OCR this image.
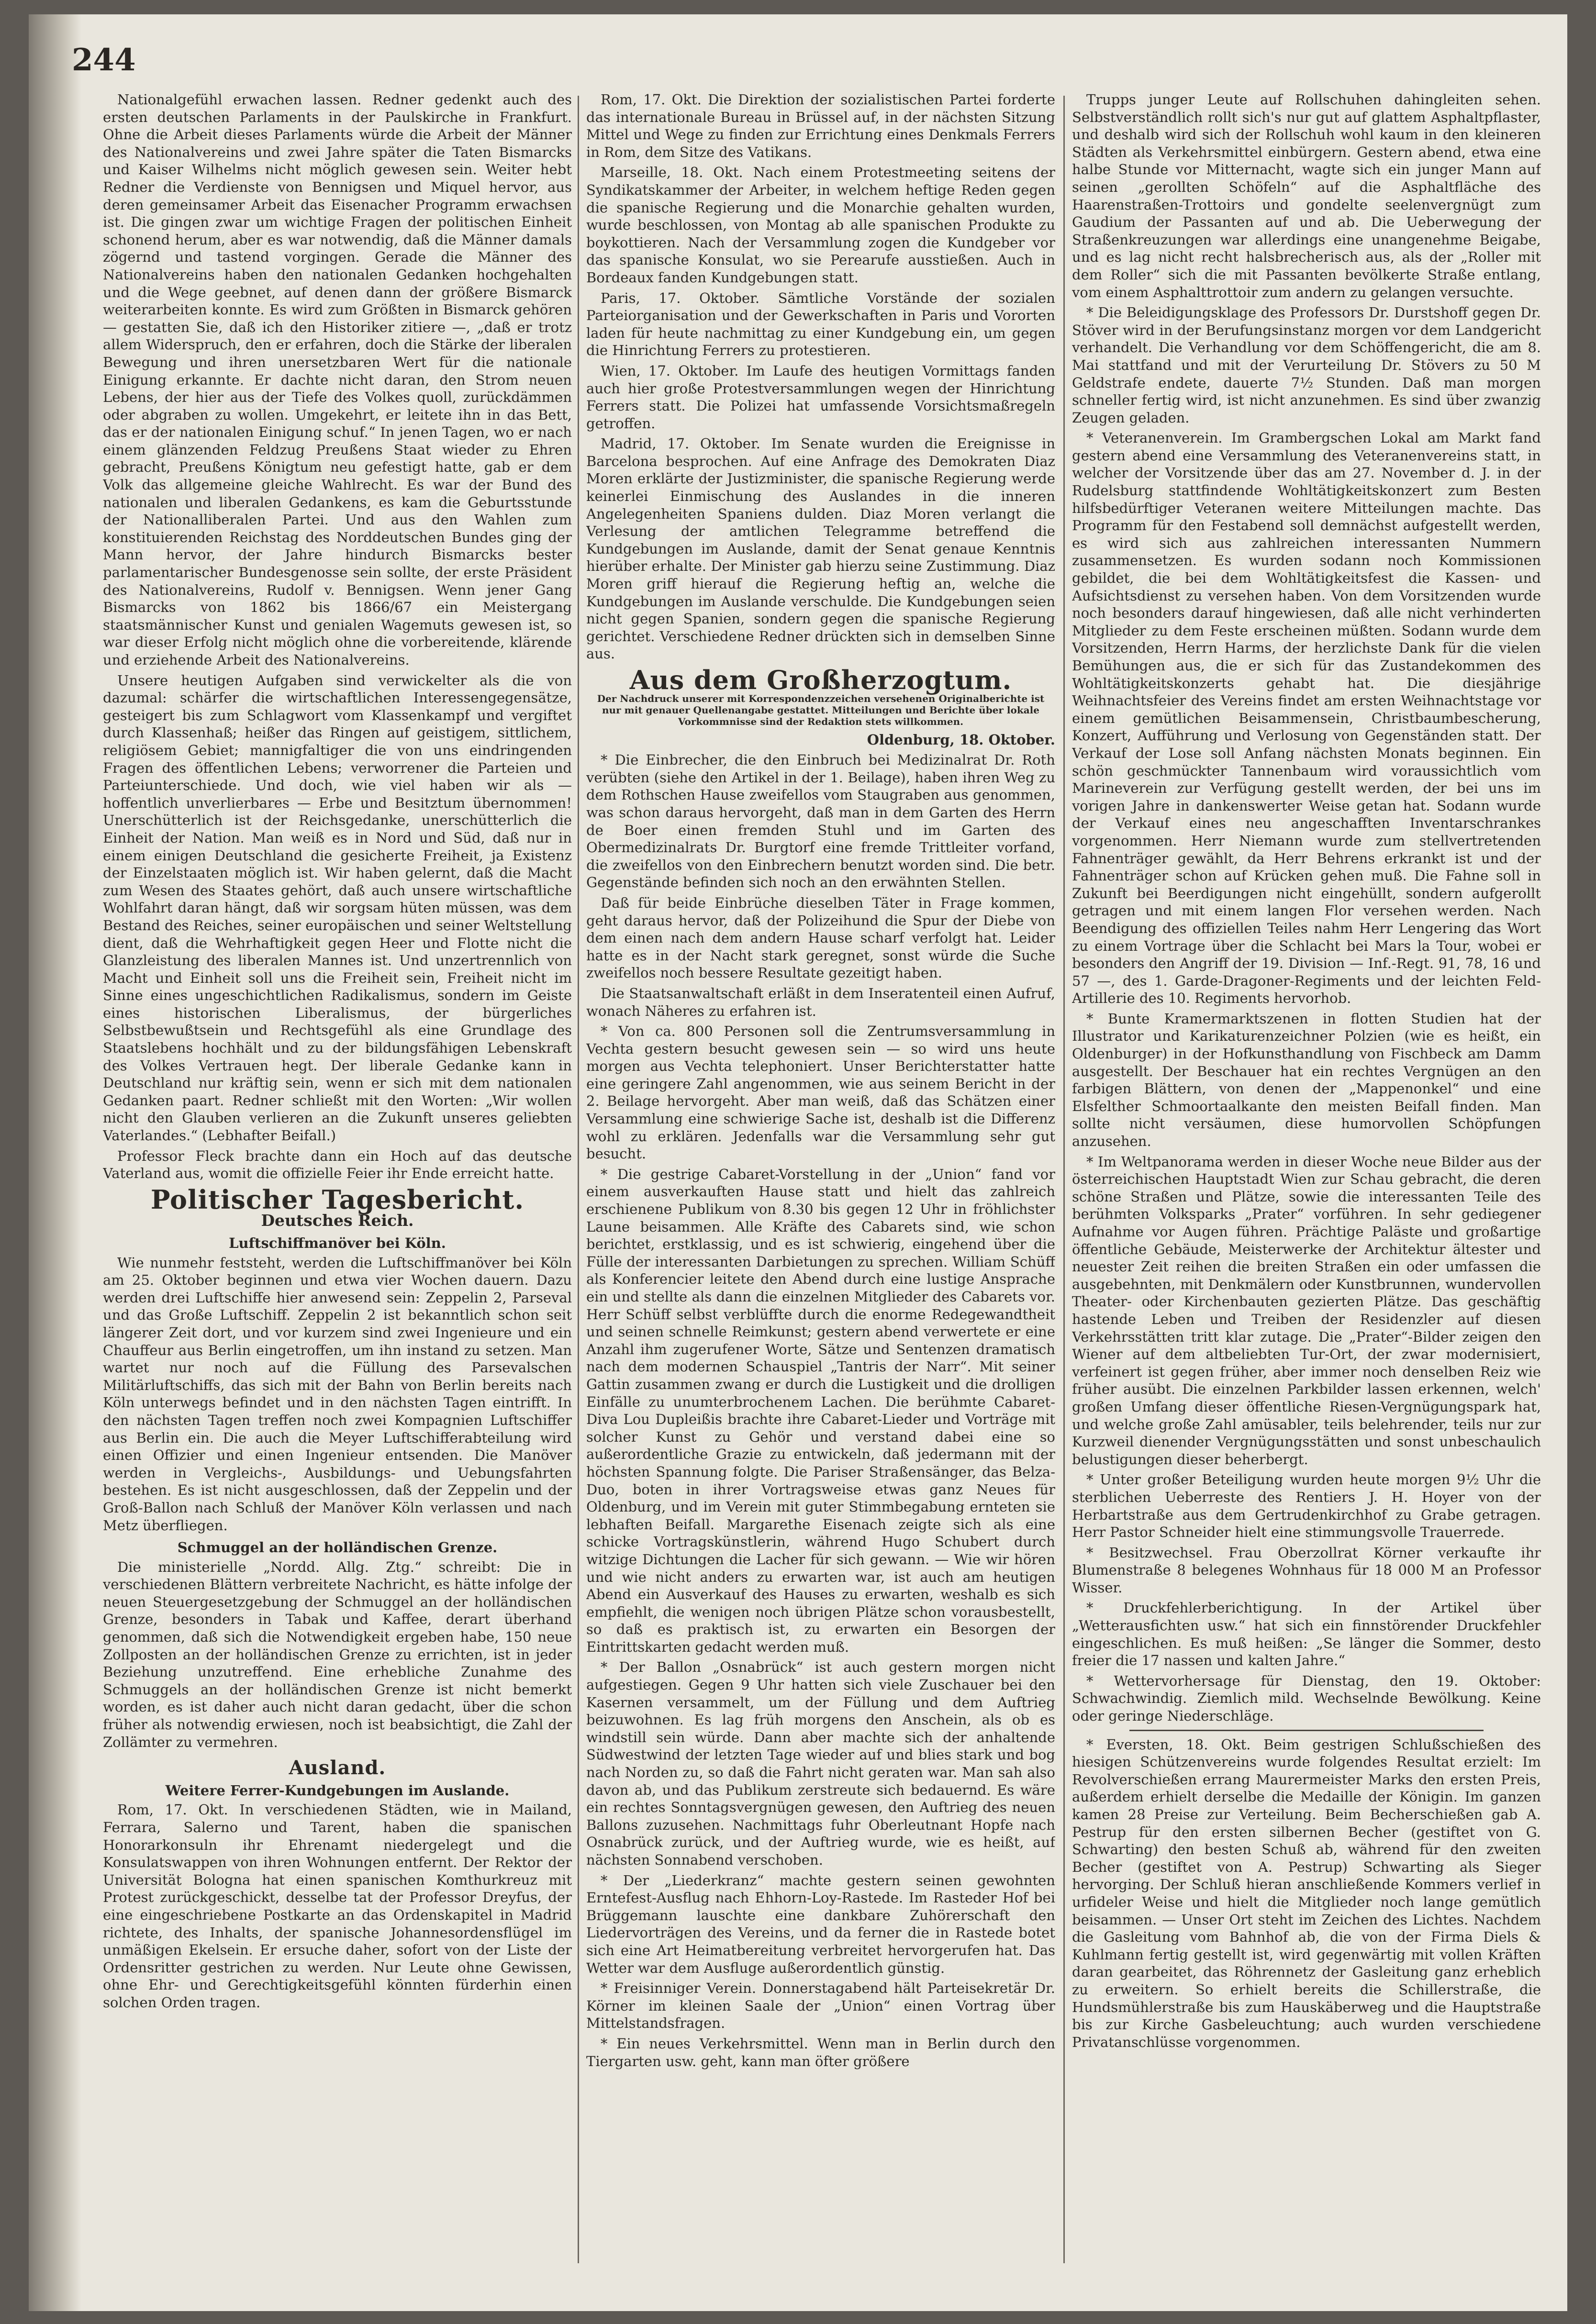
244

Nationalgefühl erwachen lassen. Redner gedenkt auch des ersten deutschen Parlaments in der Paulskirche in Frankfurt. Ohne die Arbeit dieses Parlaments würde die Arbeit der Männer des Nationalvereins und zwei Jahre später die Taten Bismarcks und Kaiser Wilhelms nicht möglich gewesen sein. Weiter hebt Redner die Verdienste von Bennigsen und Miquel hervor, aus deren gemeinsamer Arbeit das Eisenacher Programm erwachsen ist. Die gingen zwar um wichtige Fragen der politischen Einheit schonend herum, aber es war notwendig, daß die Männer damals zögernd und tastend vorgingen. Gerade die Männer des Nationalvereins haben den nationalen Gedanken hochgehalten und die Wege geebnet, auf denen dann der größere Bismarck weiterarbeiten konnte. Es wird zum Größten in Bismarck gehören — gestatten Sie, daß ich den Historiker zitiere —, „daß er trotz allem Widerspruch, den er erfahren, doch die Stärke der liberalen Bewegung und ihren unersetzbaren Wert für die nationale Einigung erkannte. Er dachte nicht daran, den Strom neuen Lebens, der hier aus der Tiefe des Volkes quoll, zurückdämmen oder abgraben zu wollen. Umgekehrt, er leitete ihn in das Bett, das er der nationalen Einigung schuf.“ In jenen Tagen, wo er nach einem glänzenden Feldzug Preußens Staat wieder zu Ehren gebracht, Preußens Königtum neu gefestigt hatte, gab er dem Volk das allgemeine gleiche Wahlrecht. Es war der Bund des nationalen und liberalen Gedankens, es kam die Geburtsstunde der Nationalliberalen Partei. Und aus den Wahlen zum konstituierenden Reichstag des Norddeutschen Bundes ging der Mann hervor, der Jahre hindurch Bismarcks bester parlamentarischer Bundesgenosse sein sollte, der erste Präsident des Nationalvereins, Rudolf v. Bennigsen. Wenn jener Gang Bismarcks von 1862 bis 1866/67 ein Meistergang staatsmännischer Kunst und genialen Wagemuts gewesen ist, so war dieser Erfolg nicht möglich ohne die vorbereitende, klärende und erziehende Arbeit des Nationalvereins.

Unsere heutigen Aufgaben sind verwickelter als die von dazumal: schärfer die wirtschaftlichen Interessengegensätze, gesteigert bis zum Schlagwort vom Klassenkampf und vergiftet durch Klassenhaß; heißer das Ringen auf geistigem, sittlichem, religiösem Gebiet; mannigfaltiger die von uns eindringenden Fragen des öffentlichen Lebens; verworrener die Parteien und Parteiunterschiede. Und doch, wie viel haben wir als — hoffentlich unverlierbares — Erbe und Besitztum übernommen! Unerschütterlich ist der Reichsgedanke, unerschütterlich die Einheit der Nation. Man weiß es in Nord und Süd, daß nur in einem einigen Deutschland die gesicherte Freiheit, ja Existenz der Einzelstaaten möglich ist. Wir haben gelernt, daß die Macht zum Wesen des Staates gehört, daß auch unsere wirtschaftliche Wohlfahrt daran hängt, daß wir sorgsam hüten müssen, was dem Bestand des Reiches, seiner europäischen und seiner Weltstellung dient, daß die Wehrhaftigkeit gegen Heer und Flotte nicht die Glanzleistung des liberalen Mannes ist. Und unzertrennlich von Macht und Einheit soll uns die Freiheit sein, Freiheit nicht im Sinne eines ungeschichtlichen Radikalismus, sondern im Geiste eines historischen Liberalismus, der bürgerliches Selbstbewußtsein und Rechtsgefühl als eine Grundlage des Staatslebens hochhält und zu der bildungsfähigen Lebenskraft des Volkes Vertrauen hegt. Der liberale Gedanke kann in Deutschland nur kräftig sein, wenn er sich mit dem nationalen Gedanken paart. Redner schließt mit den Worten: „Wir wollen nicht den Glauben verlieren an die Zukunft unseres geliebten Vaterlandes.“ (Lebhafter Beifall.)

Professor Fleck brachte dann ein Hoch auf das deutsche Vaterland aus, womit die offizielle Feier ihr Ende erreicht hatte.

Politischer Tagesbericht.
Deutsches Reich.
Luftschiffmanöver bei Köln.

Wie nunmehr feststeht, werden die Luftschiffmanöver bei Köln am 25. Oktober beginnen und etwa vier Wochen dauern. Dazu werden drei Luftschiffe hier anwesend sein: Zeppelin 2, Parseval und das Große Luftschiff. Zeppelin 2 ist bekanntlich schon seit längerer Zeit dort, und vor kurzem sind zwei Ingenieure und ein Chauffeur aus Berlin eingetroffen, um ihn instand zu setzen. Man wartet nur noch auf die Füllung des Parsevalschen Militärluftschiffs, das sich mit der Bahn von Berlin bereits nach Köln unterwegs befindet und in den nächsten Tagen eintrifft. In den nächsten Tagen treffen noch zwei Kompagnien Luftschiffer aus Berlin ein. Die auch die Meyer Luftschifferabteilung wird einen Offizier und einen Ingenieur entsenden. Die Manöver werden in Vergleichs-, Ausbildungs- und Uebungsfahrten bestehen. Es ist nicht ausgeschlossen, daß der Zeppelin und der Groß-Ballon nach Schluß der Manöver Köln verlassen und nach Metz überfliegen.

Schmuggel an der holländischen Grenze.

Die ministerielle „Nordd. Allg. Ztg.“ schreibt: Die in verschiedenen Blättern verbreitete Nachricht, es hätte infolge der neuen Steuergesetzgebung der Schmuggel an der holländischen Grenze, besonders in Tabak und Kaffee, derart überhand genommen, daß sich die Notwendigkeit ergeben habe, 150 neue Zollposten an der holländischen Grenze zu errichten, ist in jeder Beziehung unzutreffend. Eine erhebliche Zunahme des Schmuggels an der holländischen Grenze ist nicht bemerkt worden, es ist daher auch nicht daran gedacht, über die schon früher als notwendig erwiesen, noch ist beabsichtigt, die Zahl der Zollämter zu vermehren.

Ausland.
Weitere Ferrer-Kundgebungen im Auslande.

Rom, 17. Okt. In verschiedenen Städten, wie in Mailand, Ferrara, Salerno und Tarent, haben die spanischen Honorarkonsuln ihr Ehrenamt niedergelegt und die Konsulatswappen von ihren Wohnungen entfernt. Der Rektor der Universität Bologna hat einen spanischen Komthurkreuz mit Protest zurückgeschickt, desselbe tat der Professor Dreyfus, der eine eingeschriebene Postkarte an das Ordenskapitel in Madrid richtete, des Inhalts, der spanische Johannesordensflügel im unmäßigen Ekelsein. Er ersuche daher, sofort von der Liste der Ordensritter gestrichen zu werden. Nur Leute ohne Gewissen, ohne Ehr- und Gerechtigkeitsgefühl könnten fürderhin einen solchen Orden tragen.

Rom, 17. Okt. Die Direktion der sozialistischen Partei forderte das internationale Bureau in Brüssel auf, in der nächsten Sitzung Mittel und Wege zu finden zur Errichtung eines Denkmals Ferrers in Rom, dem Sitze des Vatikans.

Marseille, 18. Okt. Nach einem Protestmeeting seitens der Syndikatskammer der Arbeiter, in welchem heftige Reden gegen die spanische Regierung und die Monarchie gehalten wurden, wurde beschlossen, von Montag ab alle spanischen Produkte zu boykottieren. Nach der Versammlung zogen die Kundgeber vor das spanische Konsulat, wo sie Perearufe ausstießen. Auch in Bordeaux fanden Kundgebungen statt.

Paris, 17. Oktober. Sämtliche Vorstände der sozialen Parteiorganisation und der Gewerkschaften in Paris und Vororten laden für heute nachmittag zu einer Kundgebung ein, um gegen die Hinrichtung Ferrers zu protestieren.

Wien, 17. Oktober. Im Laufe des heutigen Vormittags fanden auch hier große Protestversammlungen wegen der Hinrichtung Ferrers statt. Die Polizei hat umfassende Vorsichtsmaßregeln getroffen.

Madrid, 17. Oktober. Im Senate wurden die Ereignisse in Barcelona besprochen. Auf eine Anfrage des Demokraten Diaz Moren erklärte der Justizminister, die spanische Regierung werde keinerlei Einmischung des Auslandes in die inneren Angelegenheiten Spaniens dulden. Diaz Moren verlangt die Verlesung der amtlichen Telegramme betreffend die Kundgebungen im Auslande, damit der Senat genaue Kenntnis hierüber erhalte. Der Minister gab hierzu seine Zustimmung. Diaz Moren griff hierauf die Regierung heftig an, welche die Kundgebungen im Auslande verschulde. Die Kundgebungen seien nicht gegen Spanien, sondern gegen die spanische Regierung gerichtet. Verschiedene Redner drückten sich in demselben Sinne aus.

Aus dem Großherzogtum.
Der Nachdruck unserer mit Korrespondenzzeichen versehenen Originalberichte ist nur mit genauer Quellenangabe gestattet. Mitteilungen und Berichte über lokale Vorkommnisse sind der Redaktion stets willkommen.

Oldenburg, 18. Oktober.

* Die Einbrecher, die den Einbruch bei Medizinalrat Dr. Roth verübten (siehe den Artikel in der 1. Beilage), haben ihren Weg zu dem Rothschen Hause zweifellos vom Staugraben aus genommen, was schon daraus hervorgeht, daß man in dem Garten des Herrn de Boer einen fremden Stuhl und im Garten des Obermedizinalrats Dr. Burgtorf eine fremde Trittleiter vorfand, die zweifellos von den Einbrechern benutzt worden sind. Die betr. Gegenstände befinden sich noch an den erwähnten Stellen.

Daß für beide Einbrüche dieselben Täter in Frage kommen, geht daraus hervor, daß der Polizeihund die Spur der Diebe von dem einen nach dem andern Hause scharf verfolgt hat. Leider hatte es in der Nacht stark geregnet, sonst würde die Suche zweifellos noch bessere Resultate gezeitigt haben.

Die Staatsanwaltschaft erläßt in dem Inseratenteil einen Aufruf, wonach Näheres zu erfahren ist.

* Von ca. 800 Personen soll die Zentrumsversammlung in Vechta gestern besucht gewesen sein — so wird uns heute morgen aus Vechta telephoniert. Unser Berichterstatter hatte eine geringere Zahl angenommen, wie aus seinem Bericht in der 2. Beilage hervorgeht. Aber man weiß, daß das Schätzen einer Versammlung eine schwierige Sache ist, deshalb ist die Differenz wohl zu erklären. Jedenfalls war die Versammlung sehr gut besucht.

* Die gestrige Cabaret-Vorstellung in der „Union“ fand vor einem ausverkauften Hause statt und hielt das zahlreich erschienene Publikum von 8.30 bis gegen 12 Uhr in fröhlichster Laune beisammen. Alle Kräfte des Cabarets sind, wie schon berichtet, erstklassig, und es ist schwierig, eingehend über die Fülle der interessanten Darbietungen zu sprechen. William Schüff als Konferencier leitete den Abend durch eine lustige Ansprache ein und stellte als dann die einzelnen Mitglieder des Cabarets vor. Herr Schüff selbst verblüffte durch die enorme Redegewandtheit und seinen schnelle Reimkunst; gestern abend verwertete er eine Anzahl ihm zugerufener Worte, Sätze und Sentenzen dramatisch nach dem modernen Schauspiel „Tantris der Narr“. Mit seiner Gattin zusammen zwang er durch die Lustigkeit und die drolligen Einfälle zu unumterbrochenem Lachen. Die berühmte Cabaret-Diva Lou Dupleißis brachte ihre Cabaret-Lieder und Vorträge mit solcher Kunst zu Gehör und verstand dabei eine so außerordentliche Grazie zu entwickeln, daß jedermann mit der höchsten Spannung folgte. Die Pariser Straßensänger, das Belza-Duo, boten in ihrer Vortragsweise etwas ganz Neues für Oldenburg, und im Verein mit guter Stimmbegabung ernteten sie lebhaften Beifall. Margarethe Eisenach zeigte sich als eine schicke Vortragskünstlerin, während Hugo Schubert durch witzige Dichtungen die Lacher für sich gewann. — Wie wir hören und wie nicht anders zu erwarten war, ist auch am heutigen Abend ein Ausverkauf des Hauses zu erwarten, weshalb es sich empfiehlt, die wenigen noch übrigen Plätze schon vorausbestellt, so daß es praktisch ist, zu erwarten ein Besorgen der Eintrittskarten gedacht werden muß.

* Der Ballon „Osnabrück“ ist auch gestern morgen nicht aufgestiegen. Gegen 9 Uhr hatten sich viele Zuschauer bei den Kasernen versammelt, um der Füllung und dem Auftrieg beizuwohnen. Es lag früh morgens den Anschein, als ob es windstill sein würde. Dann aber machte sich der anhaltende Südwestwind der letzten Tage wieder auf und blies stark und bog nach Norden zu, so daß die Fahrt nicht geraten war. Man sah also davon ab, und das Publikum zerstreute sich bedauernd. Es wäre ein rechtes Sonntagsvergnügen gewesen, den Auftrieg des neuen Ballons zuzusehen. Nachmittags fuhr Oberleutnant Hopfe nach Osnabrück zurück, und der Auftrieg wurde, wie es heißt, auf nächsten Sonnabend verschoben.

* Der „Liederkranz“ machte gestern seinen gewohnten Erntefest-Ausflug nach Ehhorn-Loy-Rastede. Im Rasteder Hof bei Brüggemann lauschte eine dankbare Zuhörerschaft den Liedervorträgen des Vereins, und da ferner die in Rastede botet sich eine Art Heimatbereitung verbreitet hervorgerufen hat. Das Wetter war dem Ausfluge außerordentlich günstig.

* Freisinniger Verein. Donnerstagabend hält Parteisekretär Dr. Körner im kleinen Saale der „Union“ einen Vortrag über Mittelstandsfragen.

* Ein neues Verkehrsmittel. Wenn man in Berlin durch den Tiergarten usw. geht, kann man öfter größere

Trupps junger Leute auf Rollschuhen dahingleiten sehen. Selbstverständlich rollt sich's nur gut auf glattem Asphaltpflaster, und deshalb wird sich der Rollschuh wohl kaum in den kleineren Städten als Verkehrsmittel einbürgern. Gestern abend, etwa eine halbe Stunde vor Mitternacht, wagte sich ein junger Mann auf seinen „gerollten Schöfeln“ auf die Asphaltfläche des Haarenstraßen-Trottoirs und gondelte seelenvergnügt zum Gaudium der Passanten auf und ab. Die Ueberwegung der Straßenkreuzungen war allerdings eine unangenehme Beigabe, und es lag nicht recht halsbrecherisch aus, als der „Roller mit dem Roller“ sich die mit Passanten bevölkerte Straße entlang, vom einem Asphalttrottoir zum andern zu gelangen versuchte.

* Die Beleidigungsklage des Professors Dr. Durstshoff gegen Dr. Stöver wird in der Berufungsinstanz morgen vor dem Landgericht verhandelt. Die Verhandlung vor dem Schöffengericht, die am 8. Mai stattfand und mit der Verurteilung Dr. Stövers zu 50 M Geldstrafe endete, dauerte 7½ Stunden. Daß man morgen schneller fertig wird, ist nicht anzunehmen. Es sind über zwanzig Zeugen geladen.

* Veteranenverein. Im Grambergschen Lokal am Markt fand gestern abend eine Versammlung des Veteranenvereins statt, in welcher der Vorsitzende über das am 27. November d. J. in der Rudelsburg stattfindende Wohltätigkeitskonzert zum Besten hilfsbedürftiger Veteranen weitere Mitteilungen machte. Das Programm für den Festabend soll demnächst aufgestellt werden, es wird sich aus zahlreichen interessanten Nummern zusammensetzen. Es wurden sodann noch Kommissionen gebildet, die bei dem Wohltätigkeitsfest die Kassen- und Aufsichtsdienst zu versehen haben. Von dem Vorsitzenden wurde noch besonders darauf hingewiesen, daß alle nicht verhinderten Mitglieder zu dem Feste erscheinen müßten. Sodann wurde dem Vorsitzenden, Herrn Harms, der herzlichste Dank für die vielen Bemühungen aus, die er sich für das Zustandekommen des Wohltätigkeitskonzerts gehabt hat. Die diesjährige Weihnachtsfeier des Vereins findet am ersten Weihnachtstage vor einem gemütlichen Beisammensein, Christbaumbescherung, Konzert, Aufführung und Verlosung von Gegenständen statt. Der Verkauf der Lose soll Anfang nächsten Monats beginnen. Ein schön geschmückter Tannenbaum wird voraussichtlich vom Marineverein zur Verfügung gestellt werden, der bei uns im vorigen Jahre in dankenswerter Weise getan hat. Sodann wurde der Verkauf eines neu angeschafften Inventarschrankes vorgenommen. Herr Niemann wurde zum stellvertretenden Fahnenträger gewählt, da Herr Behrens erkrankt ist und der Fahnenträger schon auf Krücken gehen muß. Die Fahne soll in Zukunft bei Beerdigungen nicht eingehüllt, sondern aufgerollt getragen und mit einem langen Flor versehen werden. Nach Beendigung des offiziellen Teiles nahm Herr Lengering das Wort zu einem Vortrage über die Schlacht bei Mars la Tour, wobei er besonders den Angriff der 19. Division — Inf.-Regt. 91, 78, 16 und 57 —, des 1. Garde-Dragoner-Regiments und der leichten Feld-Artillerie des 10. Regiments hervorhob.

* Bunte Kramermarktszenen in flotten Studien hat der Illustrator und Karikaturenzeichner Polzien (wie es heißt, ein Oldenburger) in der Hofkunsthandlung von Fischbeck am Damm ausgestellt. Der Beschauer hat ein rechtes Vergnügen an den farbigen Blättern, von denen der „Mappenonkel“ und eine Elsfelther Schmoortaalkante den meisten Beifall finden. Man sollte nicht versäumen, diese humorvollen Schöpfungen anzusehen.

* Im Weltpanorama werden in dieser Woche neue Bilder aus der österreichischen Hauptstadt Wien zur Schau gebracht, die deren schöne Straßen und Plätze, sowie die interessanten Teile des berühmten Volksparks „Prater“ vorführen. In sehr gediegener Aufnahme vor Augen führen. Prächtige Paläste und großartige öffentliche Gebäude, Meisterwerke der Architektur ältester und neuester Zeit reihen die breiten Straßen ein oder umfassen die ausgebehnten, mit Denkmälern oder Kunstbrunnen, wundervollen Theater- oder Kirchenbauten gezierten Plätze. Das geschäftig hastende Leben und Treiben der Residenzler auf diesen Verkehrsstätten tritt klar zutage. Die „Prater“-Bilder zeigen den Wiener auf dem altbeliebten Tur-Ort, der zwar modernisiert, verfeinert ist gegen früher, aber immer noch denselben Reiz wie früher ausübt. Die einzelnen Parkbilder lassen erkennen, welch' großen Umfang dieser öffentliche Riesen-Vergnügungspark hat, und welche große Zahl amüsabler, teils belehrender, teils nur zur Kurzweil dienender Vergnügungsstätten und sonst unbeschaulich belustigungen dieser beherbergt.

* Unter großer Beteiligung wurden heute morgen 9½ Uhr die sterblichen Ueberreste des Rentiers J. H. Hoyer von der Herbartstraße aus dem Gertrudenkirchhof zu Grabe getragen. Herr Pastor Schneider hielt eine stimmungsvolle Trauerrede.

* Besitzwechsel. Frau Oberzollrat Körner verkaufte ihr Blumenstraße 8 belegenes Wohnhaus für 18 000 M an Professor Wisser.

* Druckfehlerberichtigung. In der Artikel über „Wetterausfichten usw.“ hat sich ein finnstörender Druckfehler eingeschlichen. Es muß heißen: „Se länger die Sommer, desto freier die 17 nassen und kalten Jahre.“

* Wettervorhersage für Dienstag, den 19. Oktober: Schwachwindig. Ziemlich mild. Wechselnde Bewölkung. Keine oder geringe Niederschläge.

* Eversten, 18. Okt. Beim gestrigen Schlußschießen des hiesigen Schützenvereins wurde folgendes Resultat erzielt: Im Revolverschießen errang Maurermeister Marks den ersten Preis, außerdem erhielt derselbe die Medaille der Königin. Im ganzen kamen 28 Preise zur Verteilung. Beim Becherschießen gab A. Pestrup für den ersten silbernen Becher (gestiftet von G. Schwarting) den besten Schuß ab, während für den zweiten Becher (gestiftet von A. Pestrup) Schwarting als Sieger hervorging. Der Schluß hieran anschließende Kommers verlief in urfideler Weise und hielt die Mitglieder noch lange gemütlich beisammen. — Unser Ort steht im Zeichen des Lichtes. Nachdem die Gasleitung vom Bahnhof ab, die von der Firma Diels & Kuhlmann fertig gestellt ist, wird gegenwärtig mit vollen Kräften daran gearbeitet, das Röhrennetz der Gasleitung ganz erheblich zu erweitern. So erhielt bereits die Schillerstraße, die Hundsmühlerstraße bis zum Hauskäberweg und die Hauptstraße bis zur Kirche Gasbeleuchtung; auch wurden verschiedene Privatanschlüsse vorgenommen.
